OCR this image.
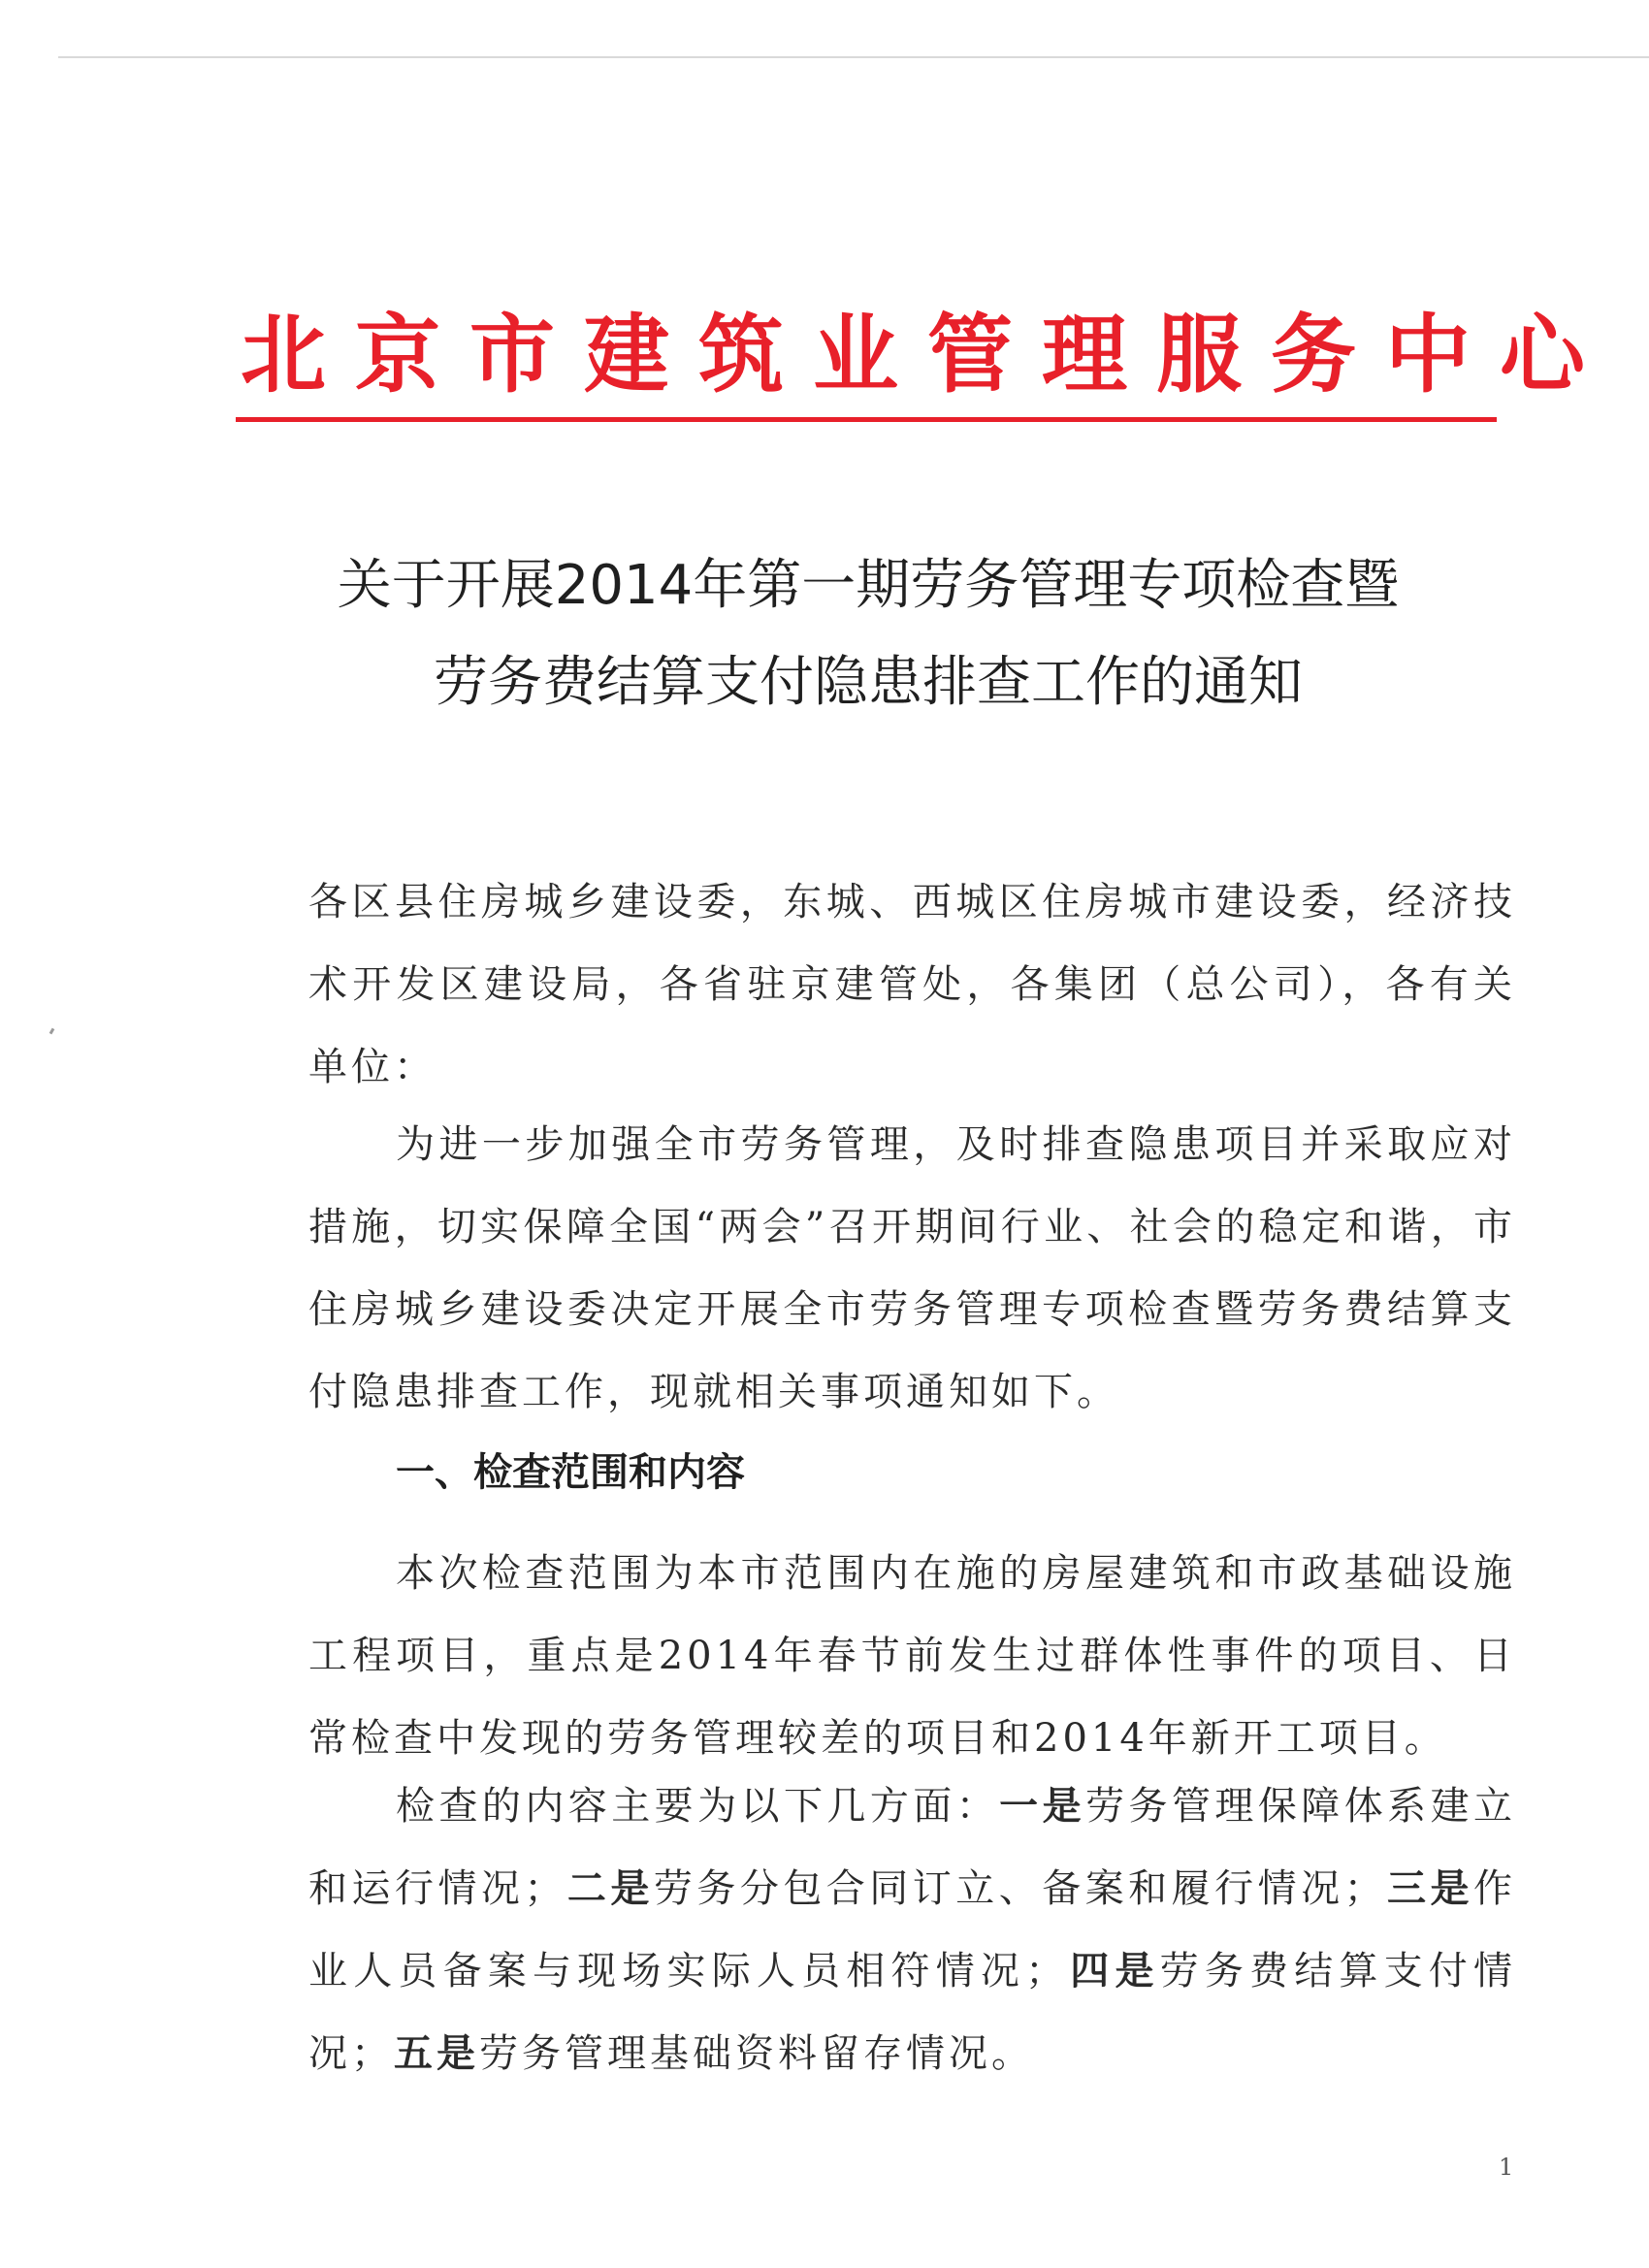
北京市建筑业管理服务中心
关于开展2014年第一期劳务管理专项检查暨
劳务费结算支付隐患排查工作的通知
各区县住房城乡建设委，东城、西城区住房城市建设委，经济技术开发区建设局，各省驻京建管处，各集团（总公司），各有关单位：
为进一步加强全市劳务管理，及时排查隐患项目并采取应对措施，切实保障全国“两会”召开期间行业、社会的稳定和谐，市住房城乡建设委决定开展全市劳务管理专项检查暨劳务费结算支付隐患排查工作，现就相关事项通知如下。
一、检查范围和内容
本次检查范围为本市范围内在施的房屋建筑和市政基础设施工程项目，重点是2014年春节前发生过群体性事件的项目、日常检查中发现的劳务管理较差的项目和2014年新开工项目。
检查的内容主要为以下几方面：一是劳务管理保障体系建立和运行情况；二是劳务分包合同订立、备案和履行情况；三是作业人员备案与现场实际人员相符情况；四是劳务费结算支付情况；五是劳务管理基础资料留存情况。
1
